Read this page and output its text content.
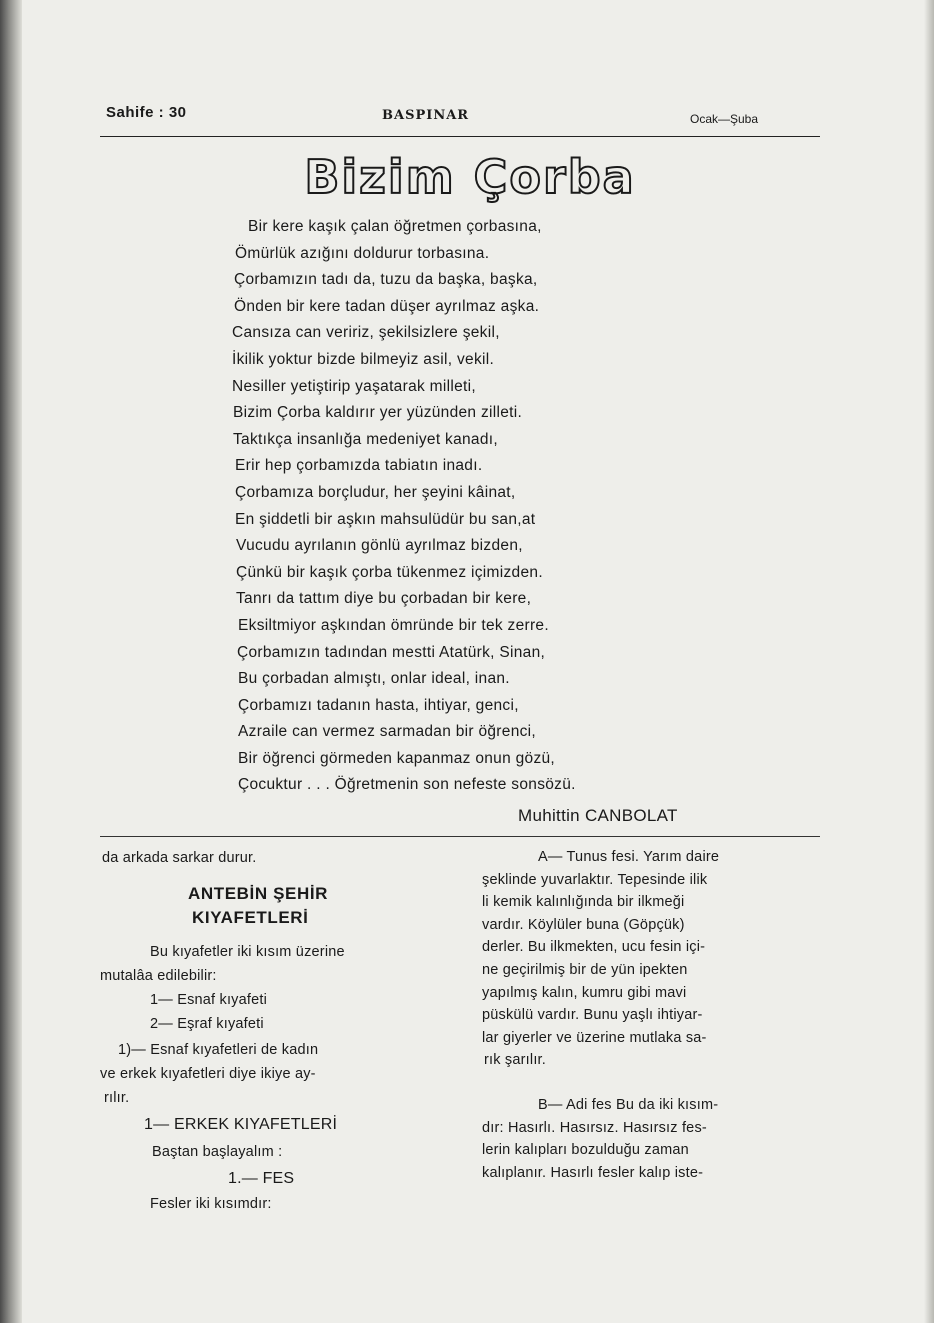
Sahife : 30	BASPINAR	Ocak—Şuba
Bizim Çorba
Bir kere kaşık çalan öğretmen çorbasına,
Ömürlük azığını doldurur torbasına.
Çorbamızın tadı da, tuzu da başka, başka,
Önden bir kere tadan düşer ayrılmaz aşka.
Cansıza can veririz, şekilsizlere şekil,
İkilik yoktur bizde bilmeyiz asil, vekil.
Nesiller yetiştirip yaşatarak milleti,
Bizim Çorba kaldırır yer yüzünden zilleti.
Taktıkça insanlığa medeniyet kanadı,
Erir hep çorbamızda tabiatın inadı.
Çorbamıza borçludur, her şeyini kâinat,
En şiddetli bir aşkın mahsulüdür bu san,at
Vucudu ayrılanın gönlü ayrılmaz bizden,
Çünkü bir kaşık çorba tükenmez içimizden.
Tanrı da tattım diye bu çorbadan bir kere,
Eksiltmiyor aşkından ömründe bir tek zerre.
Çorbamızın tadından mestti Atatürk, Sinan,
Bu çorbadan almıştı, onlar ideal, inan.
Çorbamızı tadanın hasta, ihtiyar, genci,
Azraile can vermez sarmadan bir öğrenci,
Bir öğrenci görmeden kapanmaz onun gözü,
Çocuktur . . . Öğretmenin son nefeste sonsözü.
Muhittin CANBOLAT
da arkada sarkar durur.
ANTEBİN ŞEHİR
KIYAFETLERİ
Bu kıyafetler iki kısım üzerine
mutalâa edilebilir:
1— Esnaf kıyafeti
2— Eşraf kıyafeti
1)— Esnaf kıyafetleri de kadın
ve erkek kıyafetleri diye ikiye ay-
rılır.
1— ERKEK KIYAFETLERİ
Baştan başlayalım :
1.— FES
Fesler iki kısımdır:
A— Tunus fesi. Yarım daire
şeklinde yuvarlaktır. Tepesinde ilik
li kemik kalınlığında bir ilkmeği
vardır. Köylüler buna (Göpçük)
derler. Bu ilkmekten, ucu fesin içi-
ne geçirilmiş bir de yün ipekten
yapılmış kalın, kumru gibi mavi
püskülü vardır. Bunu yaşlı ihtiyar-
lar giyerler ve üzerine mutlaka sa-
rık şarılır.
B— Adi fes Bu da iki kısım-
dır: Hasırlı. Hasırsız. Hasırsız fes-
lerin kalıpları bozulduğu zaman
kalıplanır. Hasırlı fesler kalıp iste-
